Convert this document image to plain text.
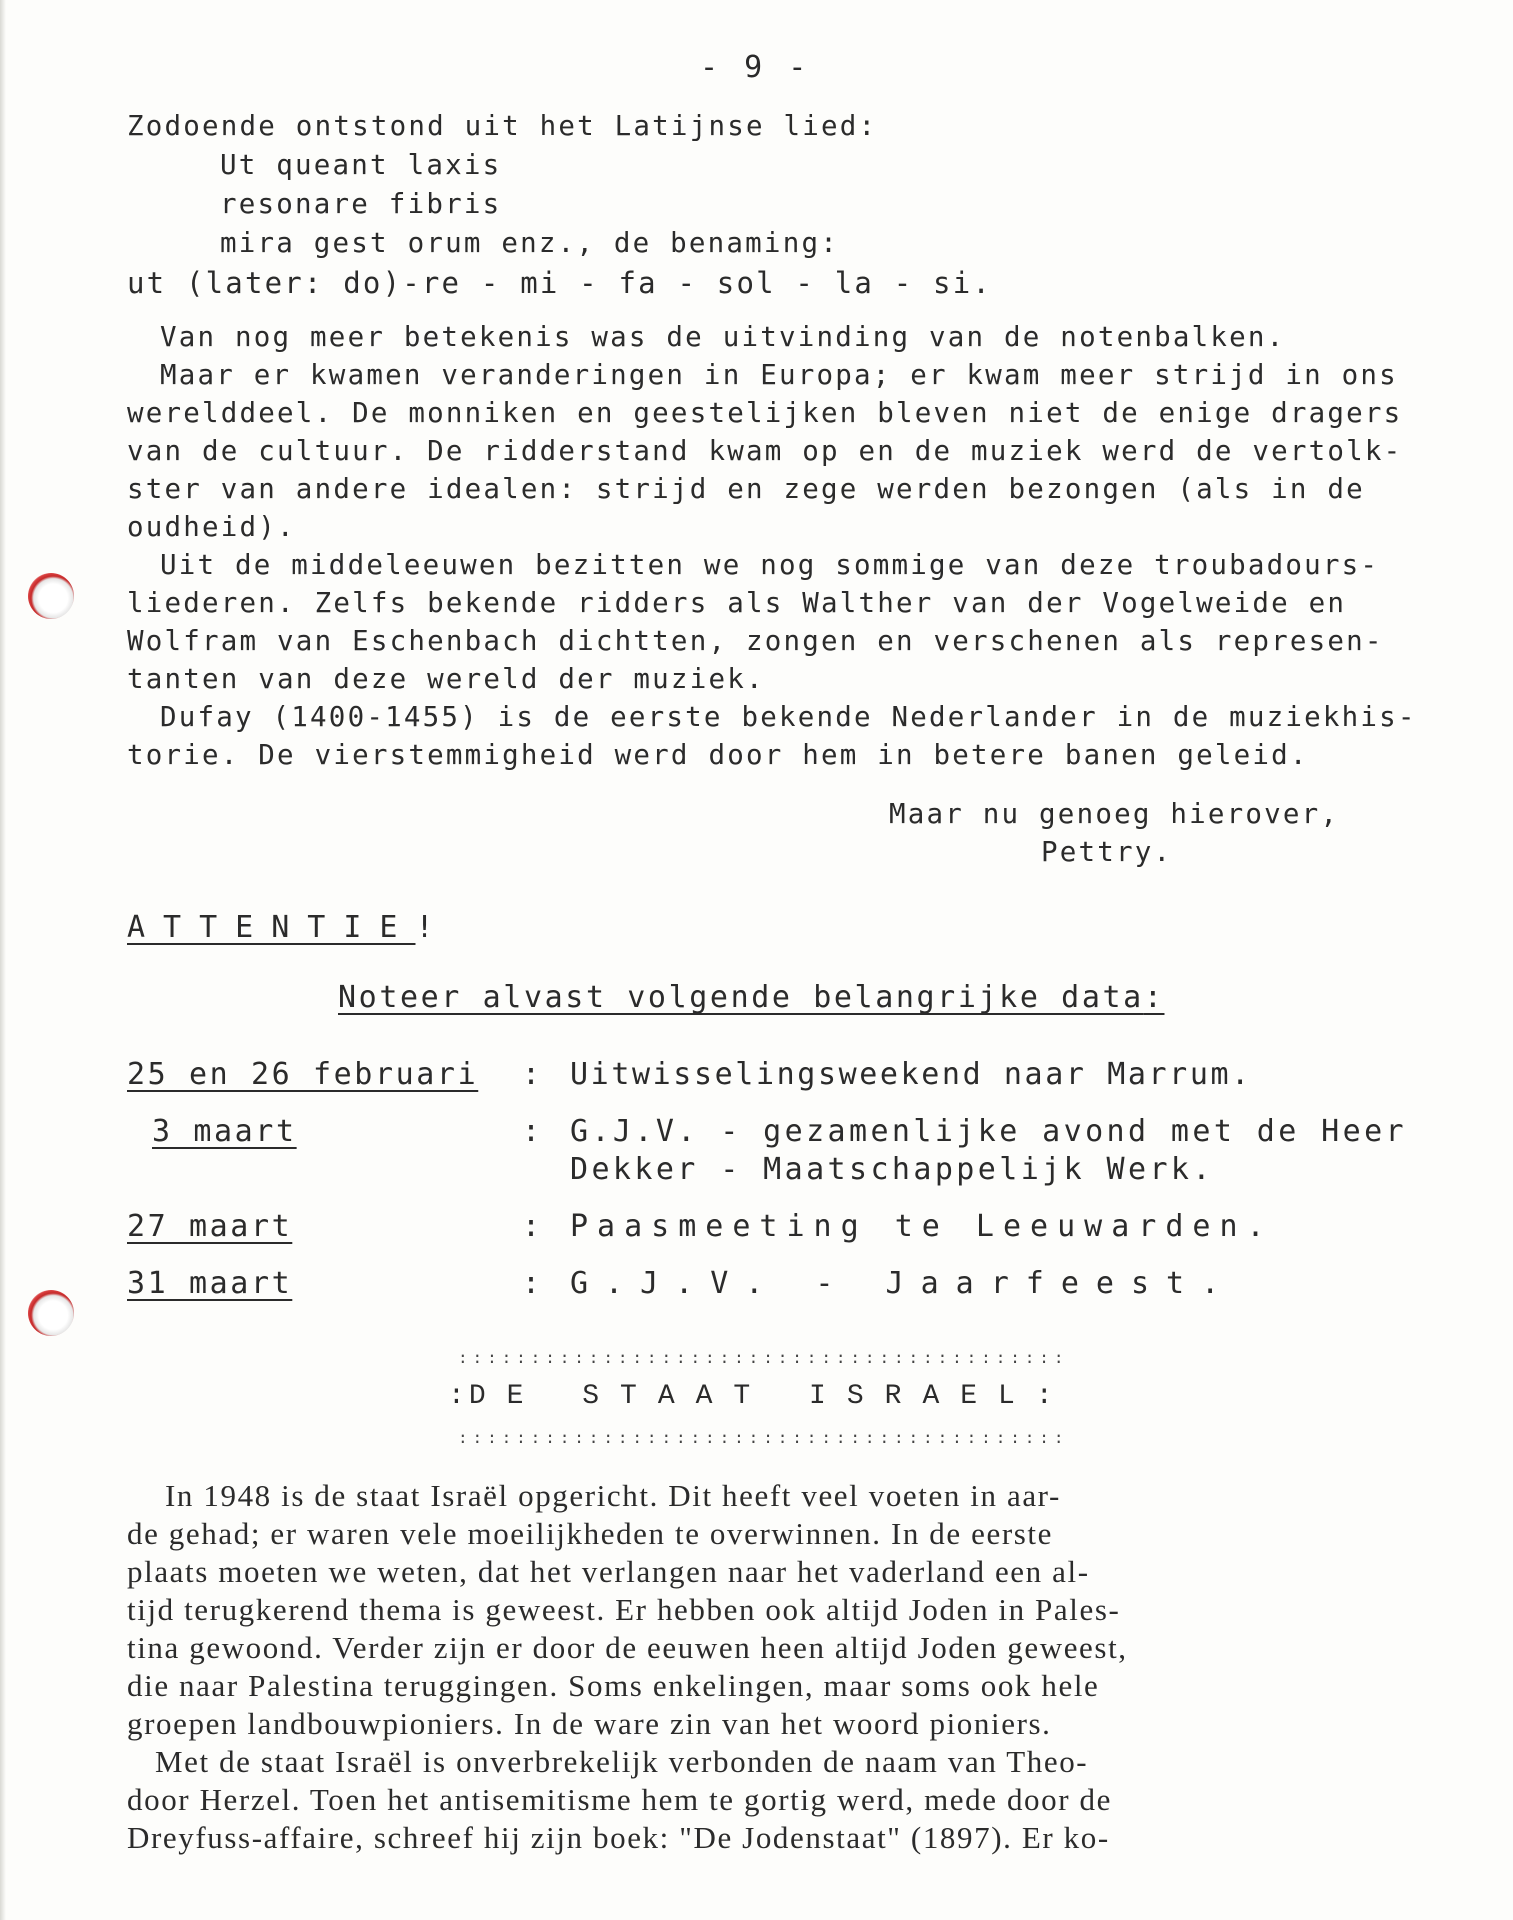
- 9 -
Zodoende ontstond uit het Latijnse lied:
Ut queant laxis
resonare fibris
mira gest orum enz., de benaming:
ut (later: do)-re - mi - fa - sol - la - si.
Van nog meer betekenis was de uitvinding van de notenbalken.
Maar er kwamen veranderingen in Europa; er kwam meer strijd in ons
werelddeel. De monniken en geestelijken bleven niet de enige dragers
van de cultuur. De ridderstand kwam op en de muziek werd de vertolk-
ster van andere idealen: strijd en zege werden bezongen (als in de
oudheid).
Uit de middeleeuwen bezitten we nog sommige van deze troubadours-
liederen. Zelfs bekende ridders als Walther van der Vogelweide en
Wolfram van Eschenbach dichtten, zongen en verschenen als represen-
tanten van deze wereld der muziek.
Dufay (1400-1455) is de eerste bekende Nederlander in de muziekhis-
torie. De vierstemmigheid werd door hem in betere banen geleid.
Maar nu genoeg hierover,
Pettry.
ATTENTIE!
Noteer alvast volgende belangrijke data:
25 en 26 februari : Uitwisselingsweekend naar Marrum.
3 maart	: G.J.V. - gezamenlijke avond met de Heer
Dekker - Maatschappelijk Werk.
27 maart	: Paasmeeting te Leeuwarden.
31 maart	: G.J.V. - Jaarfeest.
::::::::::::::::::::::::::::::::::::::::::
:DE STAAT ISRAEL:
::::::::::::::::::::::::::::::::::::::::::
In 1948 is de staat Israël opgericht. Dit heeft veel voeten in aar-
de gehad; er waren vele moeilijkheden te overwinnen. In de eerste
plaats moeten we weten, dat het verlangen naar het vaderland een al-
tijd terugkerend thema is geweest. Er hebben ook altijd Joden in Pales-
tina gewoond. Verder zijn er door de eeuwen heen altijd Joden geweest,
die naar Palestina teruggingen. Soms enkelingen, maar soms ook hele
groepen landbouwpioniers. In de ware zin van het woord pioniers.
Met de staat Israël is onverbrekelijk verbonden de naam van Theo-
door Herzel. Toen het antisemitisme hem te gortig werd, mede door de
Dreyfuss-affaire, schreef hij zijn boek: "De Jodenstaat" (1897). Er ko-
